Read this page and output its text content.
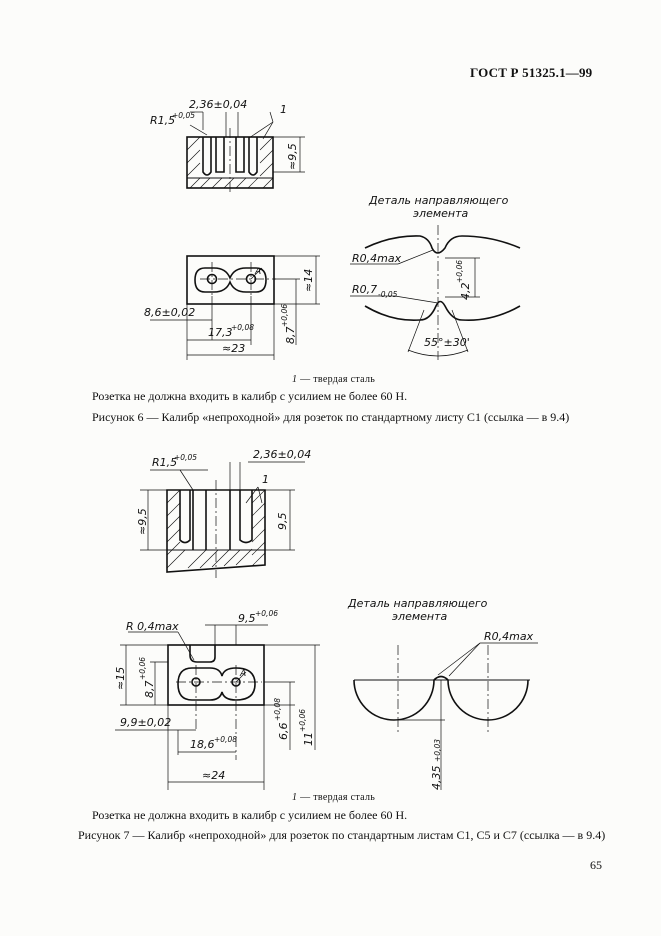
ГОСТ Р 51325.1—99
R1,5
+0,05
2,36±0,04	1
≈9,5
8,6±0,02
17,3
+0,08
≈23
≈14
8,7
+0,06
A
Деталь направляющего
элемента
R0,4max
R0,7 -0,05	4,2
+0,06
55°±30'
1 — твердая сталь
Розетка не должна входить в калибр с усилием не более 60 Н.
Рисунок 6 — Калибр «непроходной» для розеток по стандартному листу С1 (ссылка — в 9.4)
R1,5
+0,05	2,36±0,04
1
≈9,5	9,5
R 0,4max
9,5 +0,06
≈15 8,7
+0,06
9,9±0,02
18,6 +0,08
≈24
6,6
+0,08
11
+0,06
A
Деталь направляющего
элемента
R0,4max
4,35
+0,03
1 — твердая сталь
Розетка не должна входить в калибр с усилием не более 60 Н.
Рисунок 7 — Калибр «непроходной» для розеток по стандартным листам С1, С5 и С7 (ссылка — в 9.4)
65
